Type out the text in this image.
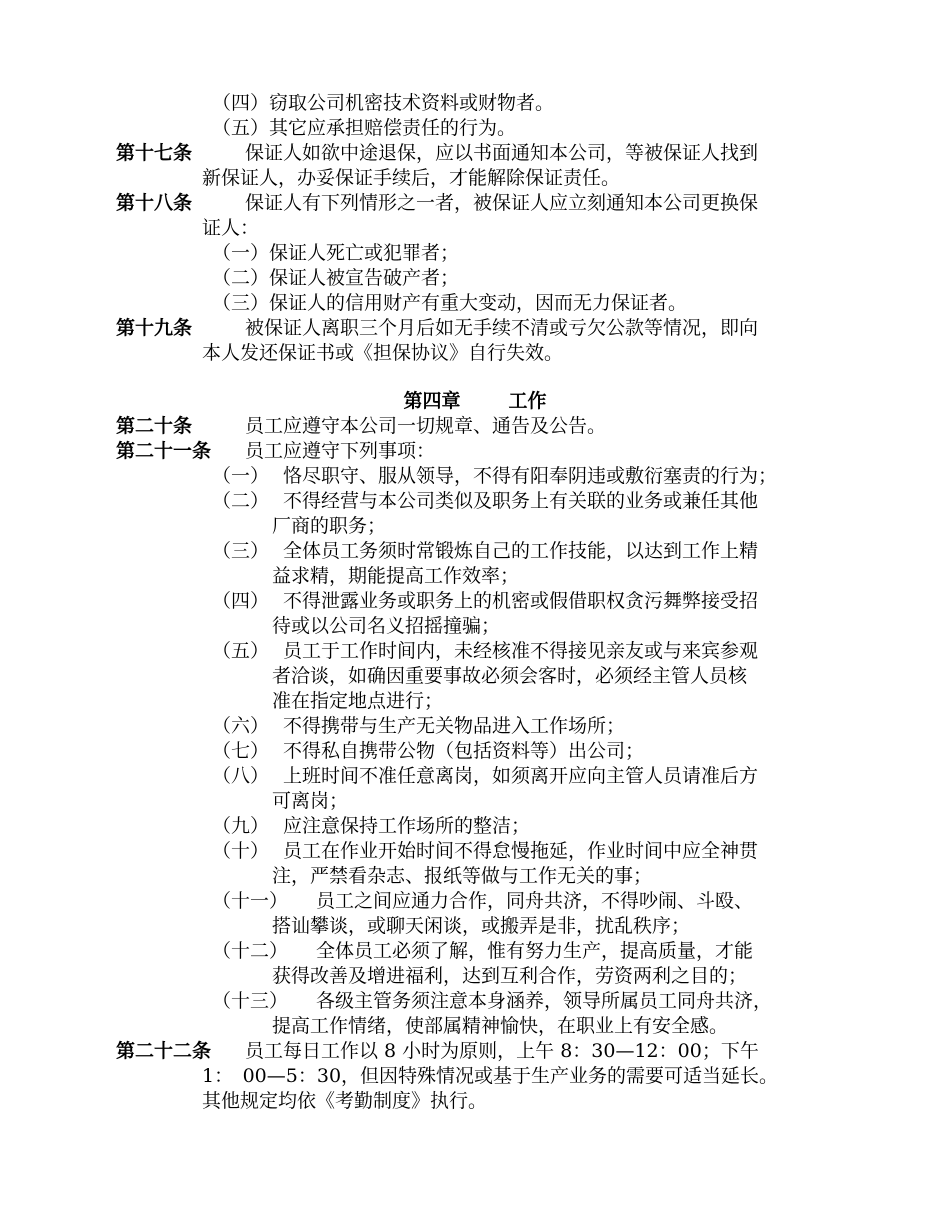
（四）窃取公司机密技术资料或财物者。
（五）其它应承担赔偿责任的行为。
第十七条	保证人如欲中途退保，应以书面通知本公司，等被保证人找到
新保证人，办妥保证手续后，才能解除保证责任。
第十八条	保证人有下列情形之一者，被保证人应立刻通知本公司更换保
证人：
（一）保证人死亡或犯罪者；
（二）保证人被宣告破产者；
（三）保证人的信用财产有重大变动，因而无力保证者。
第十九条	被保证人离职三个月后如无手续不清或亏欠公款等情况，即向
本人发还保证书或《担保协议》自行失效。
第四章	工作
第二十条	员工应遵守本公司一切规章、通告及公告。
第二十一条 员工应遵守下列事项：
（一） 恪尽职守、服从领导，不得有阳奉阴违或敷衍塞责的行为；
（二） 不得经营与本公司类似及职务上有关联的业务或兼任其他
厂商的职务；
（三） 全体员工务须时常锻炼自己的工作技能，以达到工作上精
益求精，期能提高工作效率；
（四） 不得泄露业务或职务上的机密或假借职权贪污舞弊接受招
待或以公司名义招摇撞骗；
（五） 员工于工作时间内，未经核准不得接见亲友或与来宾参观
者洽谈，如确因重要事故必须会客时，必须经主管人员核
准在指定地点进行；
（六） 不得携带与生产无关物品进入工作场所；
（七） 不得私自携带公物（包括资料等）出公司；
（八） 上班时间不准任意离岗，如须离开应向主管人员请准后方
可离岗；
（九） 应注意保持工作场所的整洁；
（十） 员工在作业开始时间不得怠慢拖延，作业时间中应全神贯
注，严禁看杂志、报纸等做与工作无关的事；
（十一） 员工之间应通力合作，同舟共济，不得吵闹、斗殴、
搭讪攀谈，或聊天闲谈，或搬弄是非，扰乱秩序；
（十二） 全体员工必须了解，惟有努力生产，提高质量，才能
获得改善及增进福利，达到互利合作，劳资两利之目的；
（十三） 各级主管务须注意本身涵养，领导所属员工同舟共济，
提高工作情绪，使部属精神愉快，在职业上有安全感。
第二十二条 员工每日工作以 8 小时为原则，上午 8：30—12：00；下午
1：　00—5：30，但因特殊情况或基于生产业务的需要可适当延长。
其他规定均依《考勤制度》执行。
